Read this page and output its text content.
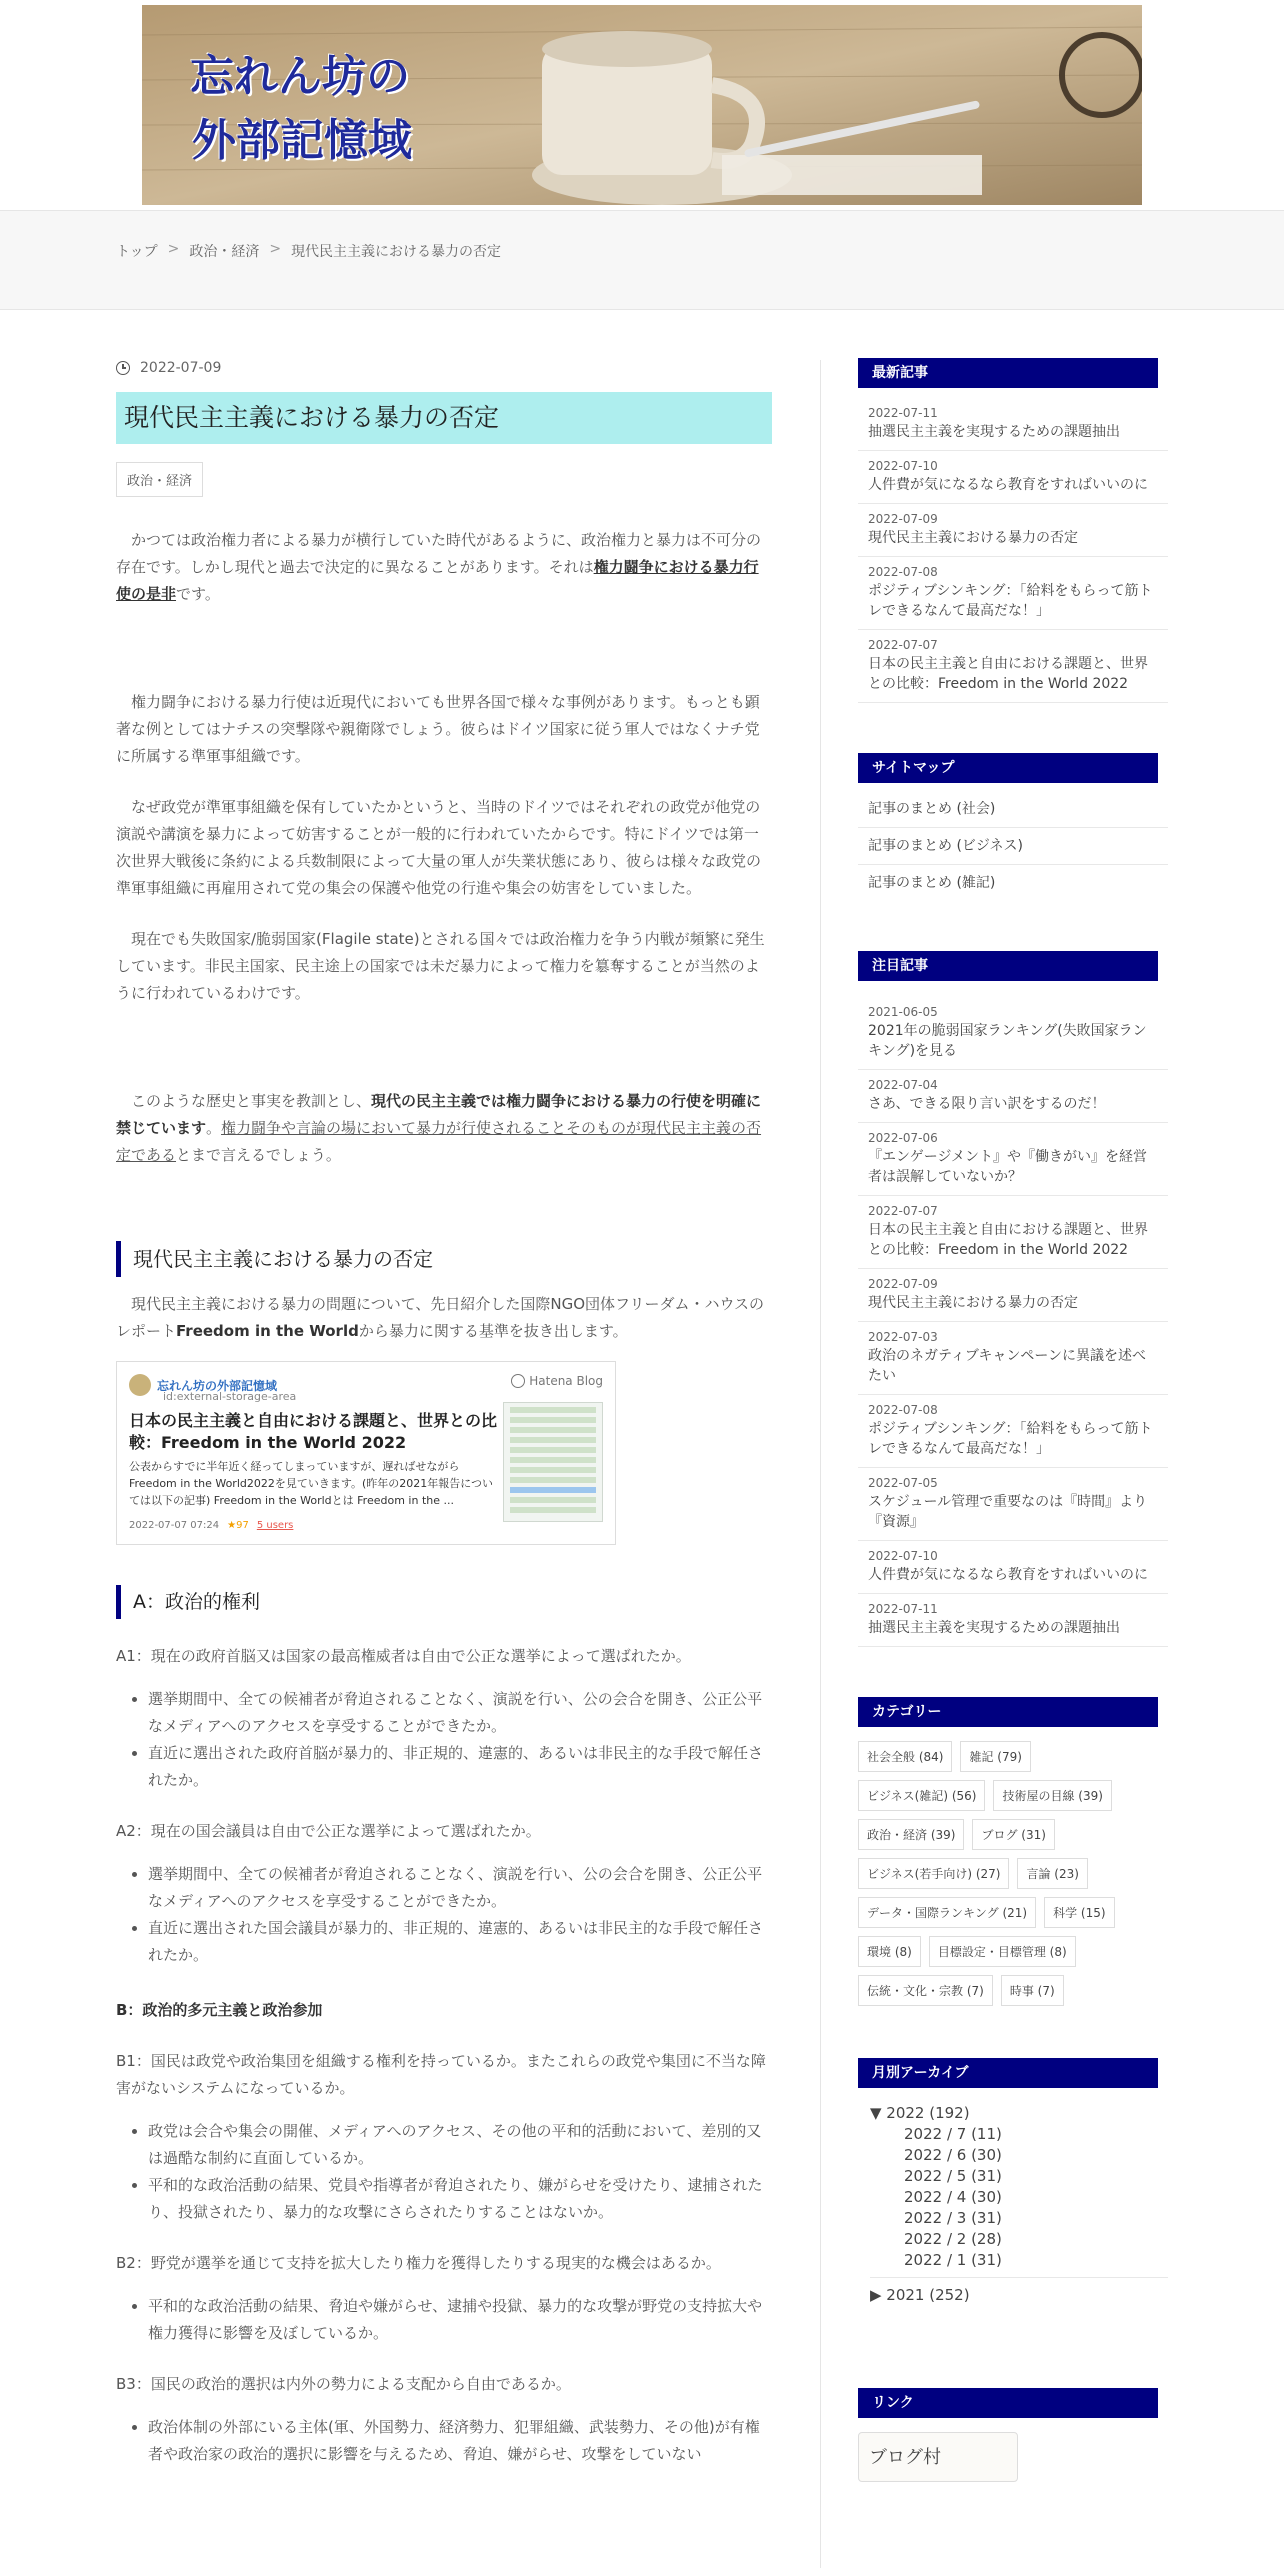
忘れん坊の
外部記憶域
トップ > 政治・経済 > 現代民主主義における暴力の否定
2022-07-09
現代民主主義における暴力の否定
政治・経済

かつては政治権力者による暴力が横行していた時代があるように、政治権力と暴力は不可分の存在です。しかし現代と過去で決定的に異なることがあります。それは権力闘争における暴力行使の是非です。

権力闘争における暴力行使は近現代においても世界各国で様々な事例があります。もっとも顕著な例としてはナチスの突撃隊や親衛隊でしょう。彼らはドイツ国家に従う軍人ではなくナチ党に所属する準軍事組織です。

なぜ政党が準軍事組織を保有していたかというと、当時のドイツではそれぞれの政党が他党の演説や講演を暴力によって妨害することが一般的に行われていたからです。特にドイツでは第一次世界大戦後に条約による兵数制限によって大量の軍人が失業状態にあり、彼らは様々な政党の準軍事組織に再雇用されて党の集会の保護や他党の行進や集会の妨害をしていました。

現在でも失敗国家/脆弱国家(Flagile state)とされる国々では政治権力を争う内戦が頻繁に発生しています。非民主国家、民主途上の国家では未だ暴力によって権力を簒奪することが当然のように行われているわけです。

このような歴史と事実を教訓とし、現代の民主主義では権力闘争における暴力の行使を明確に禁じています。権力闘争や言論の場において暴力が行使されることそのものが現代民主主義の否定であるとまで言えるでしょう。

現代民主主義における暴力の否定

現代民主主義における暴力の問題について、先日紹介した国際NGO団体フリーダム・ハウスのレポートFreedom in the Worldから暴力に関する基準を抜き出します。

忘れん坊の外部記憶域
id:external-storage-area
Hatena Blog
日本の民主主義と自由における課題と、世界との比較：Freedom in the World 2022
公表からすでに半年近く経ってしまっていますが、遅ればせながらFreedom in the World2022を見ていきます。(昨年の2021年報告については以下の記事) Freedom in the Worldとは Freedom in the ...
2022-07-07 07:24 ★97 5 users
A：政治的権利

A1：現在の政府首脳又は国家の最高権威者は自由で公正な選挙によって選ばれたか。

• 選挙期間中、全ての候補者が脅迫されることなく、演説を行い、公の会合を開き、公正公平なメディアへのアクセスを享受することができたか。
• 直近に選出された政府首脳が暴力的、非正規的、違憲的、あるいは非民主的な手段で解任されたか。

A2：現在の国会議員は自由で公正な選挙によって選ばれたか。

• 選挙期間中、全ての候補者が脅迫されることなく、演説を行い、公の会合を開き、公正公平なメディアへのアクセスを享受することができたか。
• 直近に選出された国会議員が暴力的、非正規的、違憲的、あるいは非民主的な手段で解任されたか。

B：政治的多元主義と政治参加

B1：国民は政党や政治集団を組織する権利を持っているか。またこれらの政党や集団に不当な障害がないシステムになっているか。

• 政党は会合や集会の開催、メディアへのアクセス、その他の平和的活動において、差別的又は過酷な制約に直面しているか。
• 平和的な政治活動の結果、党員や指導者が脅迫されたり、嫌がらせを受けたり、逮捕されたり、投獄されたり、暴力的な攻撃にさらされたりすることはないか。

B2：野党が選挙を通じて支持を拡大したり権力を獲得したりする現実的な機会はあるか。

• 平和的な政治活動の結果、脅迫や嫌がらせ、逮捕や投獄、暴力的な攻撃が野党の支持拡大や権力獲得に影響を及ぼしているか。

B3：国民の政治的選択は内外の勢力による支配から自由であるか。

• 政治体制の外部にいる主体(軍、外国勢力、経済勢力、犯罪組織、武装勢力、その他)が有権者や政治家の政治的選択に影響を与えるため、脅迫、嫌がらせ、攻撃をしていない
最新記事
2022-07-11
抽選民主主義を実現するための課題抽出
2022-07-10
人件費が気になるなら教育をすればいいのに
2022-07-09
現代民主主義における暴力の否定
2022-07-08
ポジティブシンキング：「給料をもらって筋トレできるなんて最高だな！」
2022-07-07
日本の民主主義と自由における課題と、世界との比較：Freedom in the World 2022
サイトマップ
記事のまとめ (社会)
記事のまとめ (ビジネス)
記事のまとめ (雑記)
注目記事
2021-06-05
2021年の脆弱国家ランキング(失敗国家ランキング)を見る
2022-07-04
さあ、できる限り言い訳をするのだ！
2022-07-06
『エンゲージメント』や『働きがい』を経営者は誤解していないか？
2022-07-07
日本の民主主義と自由における課題と、世界との比較：Freedom in the World 2022
2022-07-09
現代民主主義における暴力の否定
2022-07-03
政治のネガティブキャンペーンに異議を述べたい
2022-07-08
ポジティブシンキング：「給料をもらって筋トレできるなんて最高だな！」
2022-07-05
スケジュール管理で重要なのは『時間』より『資源』
2022-07-10
人件費が気になるなら教育をすればいいのに
2022-07-11
抽選民主主義を実現するための課題抽出
カテゴリー
社会全般 (84)	雑記 (79)
ビジネス(雑記) (56)	技術屋の目線 (39)
政治・経済 (39)	ブログ (31)
ビジネス(若手向け) (27)	言論 (23)
データ・国際ランキング (21)	科学 (15)
環境 (8)	目標設定・目標管理 (8)
伝統・文化・宗教 (7)	時事 (7)
月別アーカイブ
▼ 2022 (192)
2022 / 7 (11)
2022 / 6 (30)
2022 / 5 (31)
2022 / 4 (30)
2022 / 3 (31)
2022 / 2 (28)
2022 / 1 (31)
▶ 2021 (252)
リンク
ブログ村
